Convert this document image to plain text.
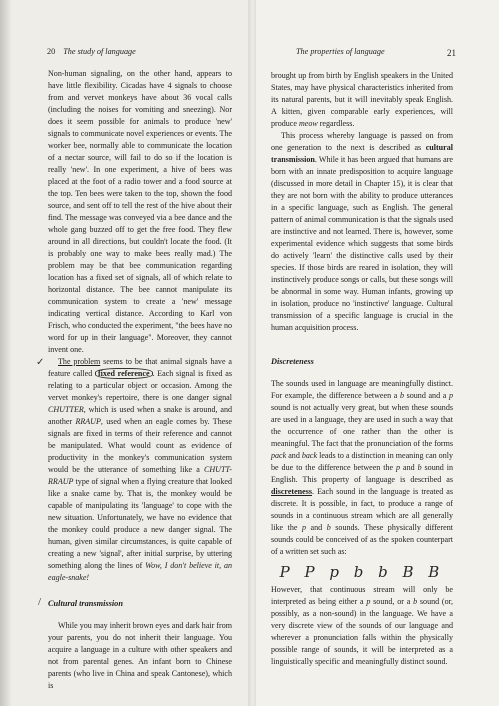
20 The study of language

Non-human signaling, on the other hand, appears to have little flexibility. Cicadas have 4 signals to choose from and vervet monkeys have about 36 vocal calls (including the noises for vomiting and sneezing). Nor does it seem possible for animals to produce 'new' signals to communicate novel experiences or events. The worker bee, normally able to communicate the location of a nectar source, will fail to do so if the location is really 'new'. In one experiment, a hive of bees was placed at the foot of a radio tower and a food source at the top. Ten bees were taken to the top, shown the food source, and sent off to tell the rest of the hive about their find. The message was conveyed via a bee dance and the whole gang buzzed off to get the free food. They flew around in all directions, but couldn't locate the food. (It is probably one way to make bees really mad.) The problem may be that bee communication regarding location has a fixed set of signals, all of which relate to horizontal distance. The bee cannot manipulate its communication system to create a 'new' message indicating vertical distance. According to Karl von Frisch, who conducted the experiment, "the bees have no word for up in their language". Moreover, they cannot invent one.

The problem seems to be that animal signals have a feature called fixed reference . Each signal is fixed as relating to a particular object or occasion. Among the vervet monkey's repertoire, there is one danger signal CHUTTER, which is used when a snake is around, and another RRAUP, used when an eagle comes by. These signals are fixed in terms of their reference and cannot be manipulated. What would count as evidence of productivity in the monkey's communication system would be the utterance of something like a CHUTT-RRAUP type of signal when a flying creature that looked like a snake came by. That is, the monkey would be capable of manipulating its 'language' to cope with the new situation. Unfortunately, we have no evidence that the monkey could produce a new danger signal. The human, given similar circumstances, is quite capable of creating a new 'signal', after initial surprise, by uttering something along the lines of Wow, I don't believe it, an eagle-snake!

Cultural transmission

While you may inherit brown eyes and dark hair from your parents, you do not inherit their language. You acquire a language in a culture with other speakers and not from parental genes. An infant born to Chinese parents (who live in China and speak Cantonese), which is

✓
/
The properties of language	21

brought up from birth by English speakers in the United States, may have physical characteristics inherited from its natural parents, but it will inevitably speak English. A kitten, given comparable early experiences, will produce meow regardless.

This process whereby language is passed on from one generation to the next is described as cultural transmission. While it has been argued that humans are born with an innate predisposition to acquire language (discussed in more detail in Chapter 15), it is clear that they are not born with the ability to produce utterances in a specific language, such as English. The general pattern of animal communication is that the signals used are instinctive and not learned. There is, however, some experimental evidence which suggests that some birds do actively 'learn' the distinctive calls used by their species. If those birds are reared in isolation, they will instinctively produce songs or calls, but these songs will be abnormal in some way. Human infants, growing up in isolation, produce no 'instinctive' language. Cultural transmission of a specific language is crucial in the human acquisition process.

Discreteness

The sounds used in language are meaningfully distinct. For example, the difference between a b sound and a p sound is not actually very great, but when these sounds are used in a language, they are used in such a way that the occurrence of one rather than the other is meaningful. The fact that the pronunciation of the forms pack and back leads to a distinction in meaning can only be due to the difference between the p and b sound in English. This property of language is described as discreteness. Each sound in the language is treated as discrete. It is possible, in fact, to produce a range of sounds in a continuous stream which are all generally like the p and b sounds. These physically different sounds could be conceived of as the spoken counterpart of a written set such as:

P P p b b B B

However, that continuous stream will only be interpreted as being either a p sound, or a b sound (or, possibly, as a non-sound) in the language. We have a very discrete view of the sounds of our language and wherever a pronunciation falls within the physically possible range of sounds, it will be interpreted as a linguistically specific and meaningfully distinct sound.
